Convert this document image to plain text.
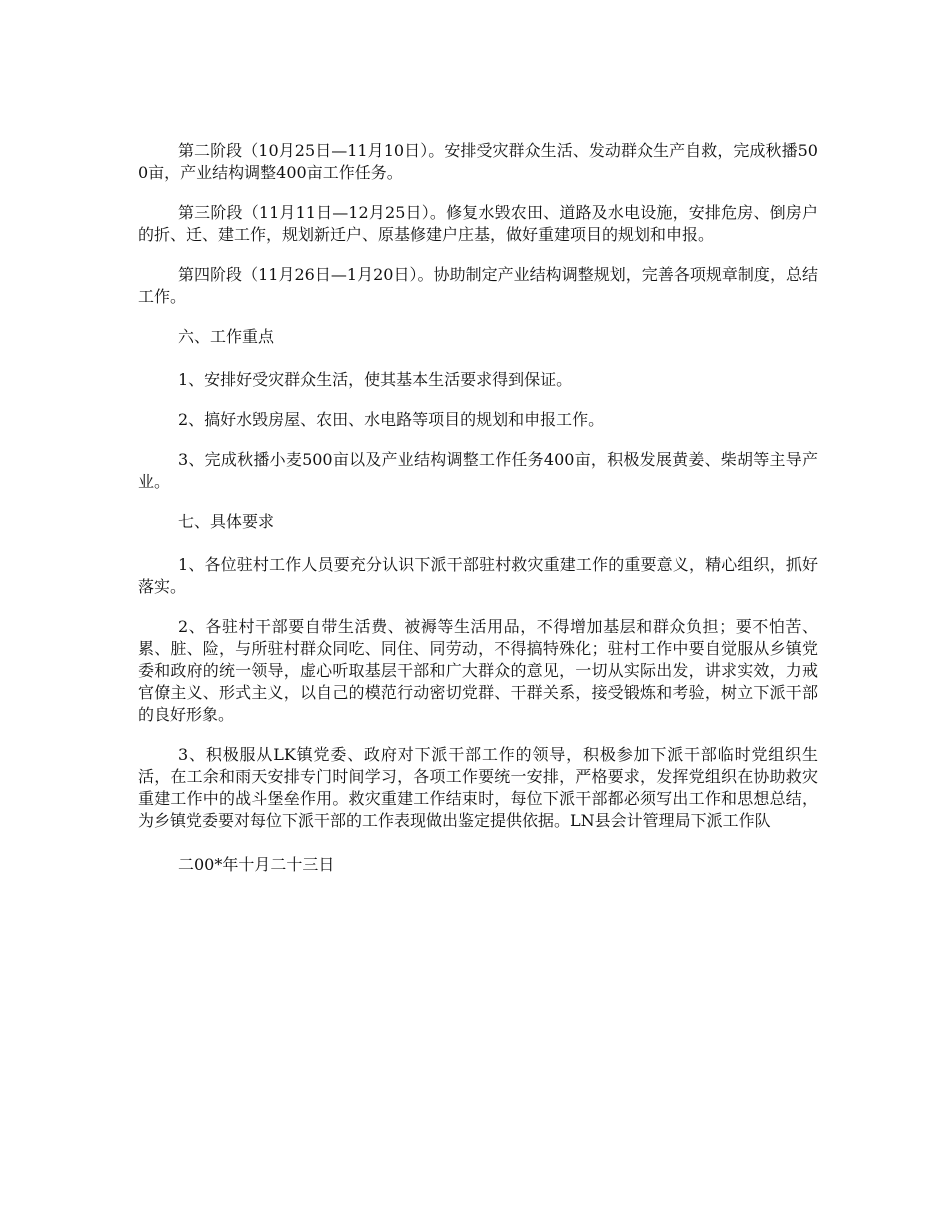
第二阶段（10月25日—11月10日）。安排受灾群众生活、发动群众生产自救，完成秋播500亩，产业结构调整400亩工作任务。

第三阶段（11月11日—12月25日）。修复水毁农田、道路及水电设施，安排危房、倒房户的折、迁、建工作，规划新迁户、原基修建户庄基，做好重建项目的规划和申报。

第四阶段（11月26日—1月20日）。协助制定产业结构调整规划，完善各项规章制度，总结工作。

六、工作重点

1、安排好受灾群众生活，使其基本生活要求得到保证。

2、搞好水毁房屋、农田、水电路等项目的规划和申报工作。

3、完成秋播小麦500亩以及产业结构调整工作任务400亩，积极发展黄姜、柴胡等主导产业。

七、具体要求

1、各位驻村工作人员要充分认识下派干部驻村救灾重建工作的重要意义，精心组织，抓好落实。

2、各驻村干部要自带生活费、被褥等生活用品，不得增加基层和群众负担；要不怕苦、累、脏、险，与所驻村群众同吃、同住、同劳动，不得搞特殊化；驻村工作中要自觉服从乡镇党委和政府的统一领导，虚心听取基层干部和广大群众的意见，一切从实际出发，讲求实效，力戒官僚主义、形式主义，以自己的模范行动密切党群、干群关系，接受锻炼和考验，树立下派干部的良好形象。

3、积极服从LK镇党委、政府对下派干部工作的领导，积极参加下派干部临时党组织生活，在工余和雨天安排专门时间学习，各项工作要统一安排，严格要求，发挥党组织在协助救灾重建工作中的战斗堡垒作用。救灾重建工作结束时，每位下派干部都必须写出工作和思想总结，为乡镇党委要对每位下派干部的工作表现做出鉴定提供依据。LN县会计管理局下派工作队

二00*年十月二十三日
